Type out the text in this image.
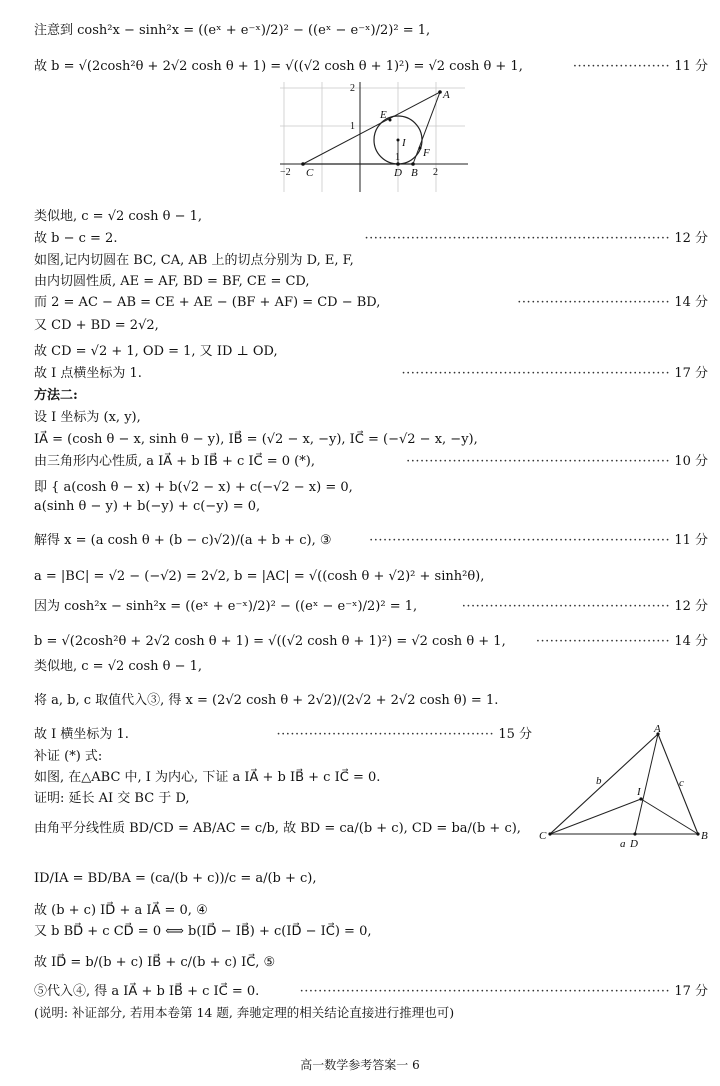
注意到 cosh²x − sinh²x = ((eˣ + e⁻ˣ)/2)² − ((eˣ − e⁻ˣ)/2)² = 1,
故 b = √(2cosh²θ + 2√2 cosh θ + 1) = √((√2 cosh θ + 1)²) = √2 cosh θ + 1,	····················· 11 分
A
C	D B
E
F
I
−2
1
2
2
1
类似地, c = √2 cosh θ − 1,
故 b − c = 2.	·································································· 12 分
如图,记内切圆在 BC, CA, AB 上的切点分别为 D, E, F,
由内切圆性质, AE = AF, BD = BF, CE = CD,
而 2 = AC − AB = CE + AE − (BF + AF) = CD − BD,	································· 14 分
又 CD + BD = 2√2,
故 CD = √2 + 1, OD = 1, 又 ID ⊥ OD,
故 I 点横坐标为 1.	·························································· 17 分
方法二:
设 I 坐标为 (x, y),
IA⃗ = (cosh θ − x, sinh θ − y), IB⃗ = (√2 − x, −y), IC⃗ = (−√2 − x, −y),
由三角形内心性质, a IA⃗ + b IB⃗ + c IC⃗ = 0 (*),	························································· 10 分
即 { a(cosh θ − x) + b(√2 − x) + c(−√2 − x) = 0,
a(sinh θ − y) + b(−y) + c(−y) = 0,
解得 x = (a cosh θ + (b − c)√2)/(a + b + c), ③	································································· 11 分
a = |BC| = √2 − (−√2) = 2√2, b = |AC| = √((cosh θ + √2)² + sinh²θ),
因为 cosh²x − sinh²x = ((eˣ + e⁻ˣ)/2)² − ((eˣ − e⁻ˣ)/2)² = 1,	············································· 12 分
b = √(2cosh²θ + 2√2 cosh θ + 1) = √((√2 cosh θ + 1)²) = √2 cosh θ + 1,	····························· 14 分
类似地, c = √2 cosh θ − 1,
将 a, b, c 取值代入③, 得 x = (2√2 cosh θ + 2√2)/(2√2 + 2√2 cosh θ) = 1.
故 I 横坐标为 1.	··············································· 15 分
补证 (*) 式:
如图, 在△ABC 中, I 为内心, 下证 a IA⃗ + b IB⃗ + c IC⃗ = 0.
证明: 延长 AI 交 BC 于 D,
由角平分线性质 BD/CD = AB/AC = c/b, 故 BD = ca/(b + c), CD = ba/(b + c),
A
C	B
D
a
I
b	c
ID/IA = BD/BA = (ca/(b + c))/c = a/(b + c),
故 (b + c) ID⃗ + a IA⃗ = 0, ④
又 b BD⃗ + c CD⃗ = 0 ⟺ b(ID⃗ − IB⃗) + c(ID⃗ − IC⃗) = 0,
故 ID⃗ = b/(b + c) IB⃗ + c/(b + c) IC⃗, ⑤
⑤代入④, 得 a IA⃗ + b IB⃗ + c IC⃗ = 0.	················································································ 17 分
(说明: 补证部分, 若用本卷第 14 题, 奔驰定理的相关结论直接进行推理也可)
高一数学参考答案一 6
